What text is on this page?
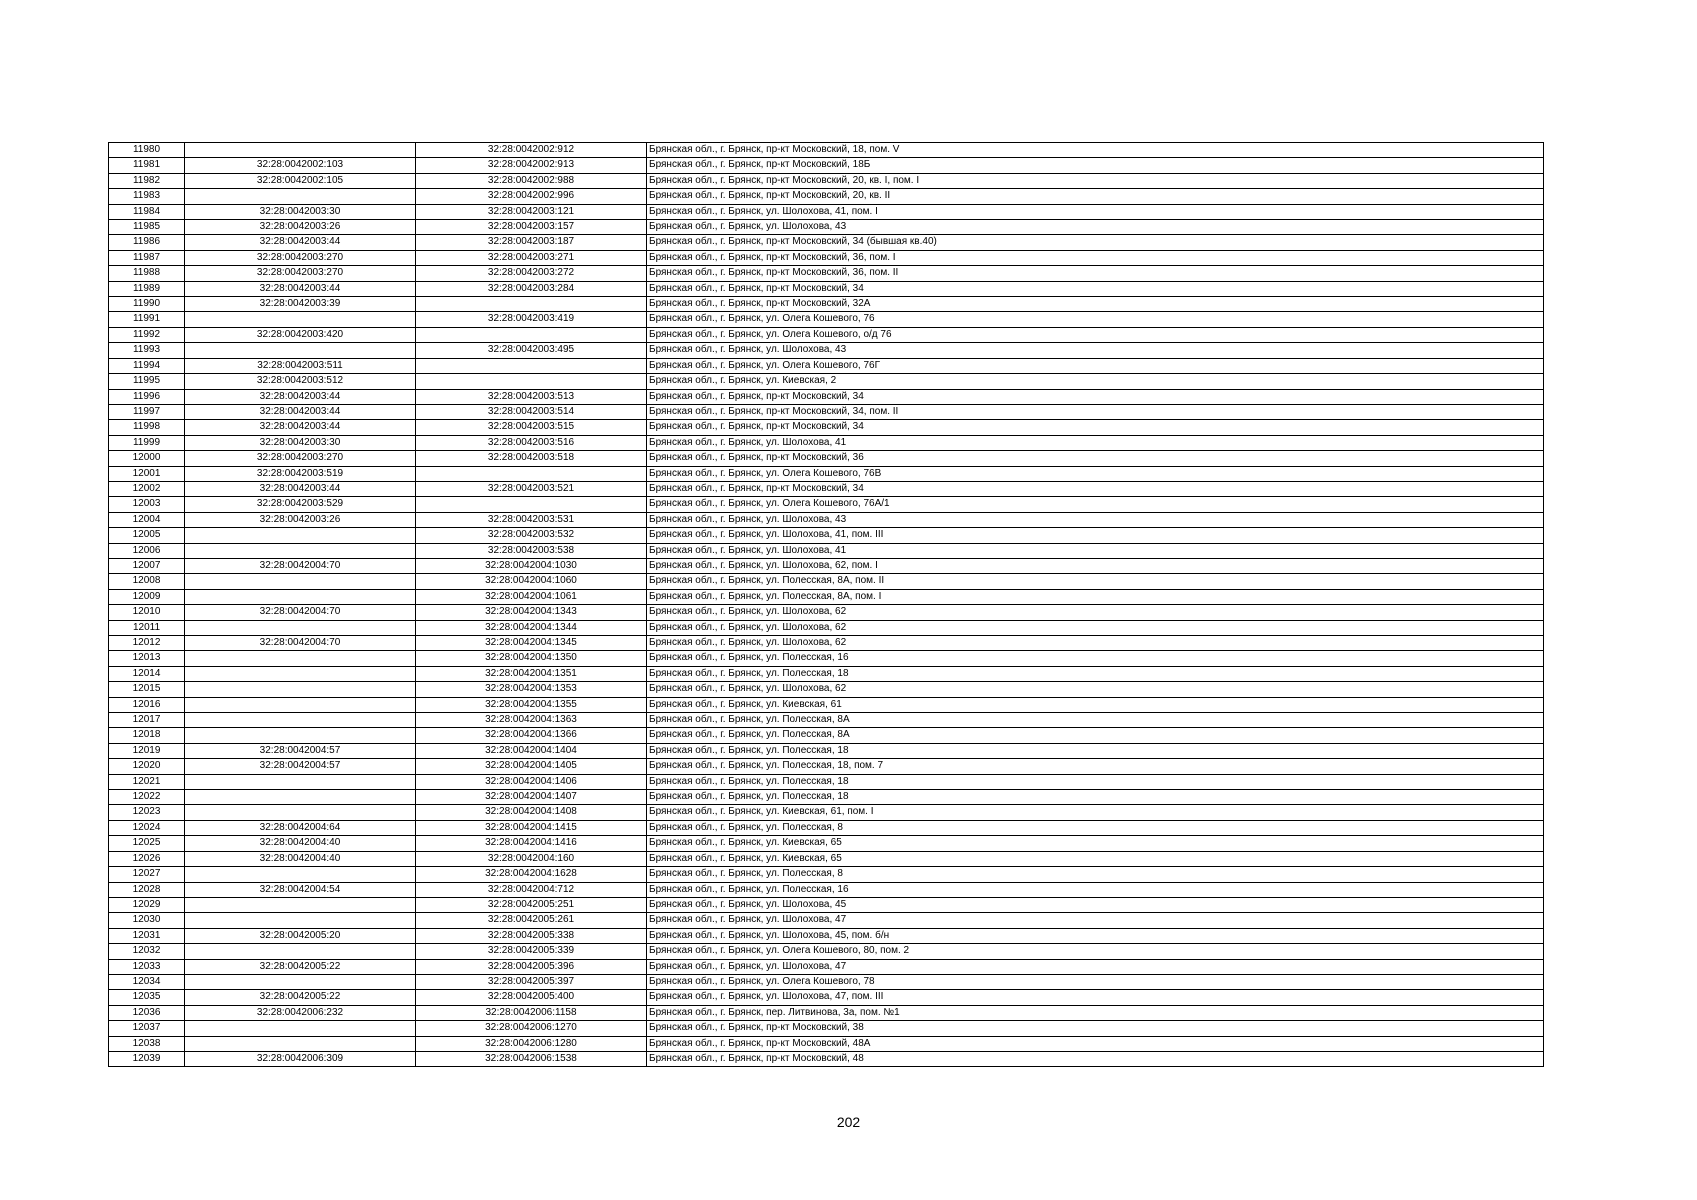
11980		32:28:0042002:912	Брянская обл., г. Брянск, пр-кт Московский, 18, пом. V
11981	32:28:0042002:103	32:28:0042002:913	Брянская обл., г. Брянск, пр-кт Московский, 18Б
11982	32:28:0042002:105	32:28:0042002:988	Брянская обл., г. Брянск, пр-кт Московский, 20, кв. I, пом. I
11983		32:28:0042002:996	Брянская обл., г. Брянск, пр-кт Московский, 20, кв. II
11984	32:28:0042003:30	32:28:0042003:121	Брянская обл., г. Брянск, ул. Шолохова, 41, пом. I
11985	32:28:0042003:26	32:28:0042003:157	Брянская обл., г. Брянск, ул. Шолохова, 43
11986	32:28:0042003:44	32:28:0042003:187	Брянская обл., г. Брянск, пр-кт Московский, 34 (бывшая кв.40)
11987	32:28:0042003:270	32:28:0042003:271	Брянская обл., г. Брянск, пр-кт Московский, 36, пом. I
11988	32:28:0042003:270	32:28:0042003:272	Брянская обл., г. Брянск, пр-кт Московский, 36, пом. II
11989	32:28:0042003:44	32:28:0042003:284	Брянская обл., г. Брянск, пр-кт Московский, 34
11990	32:28:0042003:39		Брянская обл., г. Брянск, пр-кт Московский, 32А
11991		32:28:0042003:419	Брянская обл., г. Брянск, ул. Олега Кошевого, 76
11992	32:28:0042003:420		Брянская обл., г. Брянск, ул. Олега Кошевого, о/д 76
11993		32:28:0042003:495	Брянская обл., г. Брянск, ул. Шолохова, 43
11994	32:28:0042003:511		Брянская обл., г. Брянск, ул. Олега Кошевого, 76Г
11995	32:28:0042003:512		Брянская обл., г. Брянск, ул. Киевская, 2
11996	32:28:0042003:44	32:28:0042003:513	Брянская обл., г. Брянск, пр-кт Московский, 34
11997	32:28:0042003:44	32:28:0042003:514	Брянская обл., г. Брянск, пр-кт Московский, 34, пом. II
11998	32:28:0042003:44	32:28:0042003:515	Брянская обл., г. Брянск, пр-кт Московский, 34
11999	32:28:0042003:30	32:28:0042003:516	Брянская обл., г. Брянск, ул. Шолохова, 41
12000	32:28:0042003:270	32:28:0042003:518	Брянская обл., г. Брянск, пр-кт Московский, 36
12001	32:28:0042003:519		Брянская обл., г. Брянск, ул. Олега Кошевого, 76В
12002	32:28:0042003:44	32:28:0042003:521	Брянская обл., г. Брянск, пр-кт Московский, 34
12003	32:28:0042003:529		Брянская обл., г. Брянск, ул. Олега Кошевого, 76А/1
12004	32:28:0042003:26	32:28:0042003:531	Брянская обл., г. Брянск, ул. Шолохова, 43
12005		32:28:0042003:532	Брянская обл., г. Брянск, ул. Шолохова, 41, пом. III
12006		32:28:0042003:538	Брянская обл., г. Брянск, ул. Шолохова, 41
12007	32:28:0042004:70	32:28:0042004:1030	Брянская обл., г. Брянск, ул. Шолохова, 62, пом. I
12008		32:28:0042004:1060	Брянская обл., г. Брянск, ул. Полесская, 8А, пом. II
12009		32:28:0042004:1061	Брянская обл., г. Брянск, ул. Полесская, 8А, пом. I
12010	32:28:0042004:70	32:28:0042004:1343	Брянская обл., г. Брянск, ул. Шолохова, 62
12011		32:28:0042004:1344	Брянская обл., г. Брянск, ул. Шолохова, 62
12012	32:28:0042004:70	32:28:0042004:1345	Брянская обл., г. Брянск, ул. Шолохова, 62
12013		32:28:0042004:1350	Брянская обл., г. Брянск, ул. Полесская, 16
12014		32:28:0042004:1351	Брянская обл., г. Брянск, ул. Полесская, 18
12015		32:28:0042004:1353	Брянская обл., г. Брянск, ул. Шолохова, 62
12016		32:28:0042004:1355	Брянская обл., г. Брянск, ул. Киевская, 61
12017		32:28:0042004:1363	Брянская обл., г. Брянск, ул. Полесская, 8А
12018		32:28:0042004:1366	Брянская обл., г. Брянск, ул. Полесская, 8А
12019	32:28:0042004:57	32:28:0042004:1404	Брянская обл., г. Брянск, ул. Полесская, 18
12020	32:28:0042004:57	32:28:0042004:1405	Брянская обл., г. Брянск, ул. Полесская, 18, пом. 7
12021		32:28:0042004:1406	Брянская обл., г. Брянск, ул. Полесская, 18
12022		32:28:0042004:1407	Брянская обл., г. Брянск, ул. Полесская, 18
12023		32:28:0042004:1408	Брянская обл., г. Брянск, ул. Киевская, 61, пом. I
12024	32:28:0042004:64	32:28:0042004:1415	Брянская обл., г. Брянск, ул. Полесская, 8
12025	32:28:0042004:40	32:28:0042004:1416	Брянская обл., г. Брянск, ул. Киевская, 65
12026	32:28:0042004:40	32:28:0042004:160	Брянская обл., г. Брянск, ул. Киевская, 65
12027		32:28:0042004:1628	Брянская обл., г. Брянск, ул. Полесская, 8
12028	32:28:0042004:54	32:28:0042004:712	Брянская обл., г. Брянск, ул. Полесская, 16
12029		32:28:0042005:251	Брянская обл., г. Брянск, ул. Шолохова, 45
12030		32:28:0042005:261	Брянская обл., г. Брянск, ул. Шолохова, 47
12031	32:28:0042005:20	32:28:0042005:338	Брянская обл., г. Брянск, ул. Шолохова, 45, пом. б/н
12032		32:28:0042005:339	Брянская обл., г. Брянск, ул. Олега Кошевого, 80, пом. 2
12033	32:28:0042005:22	32:28:0042005:396	Брянская обл., г. Брянск, ул. Шолохова, 47
12034		32:28:0042005:397	Брянская обл., г. Брянск, ул. Олега Кошевого, 78
12035	32:28:0042005:22	32:28:0042005:400	Брянская обл., г. Брянск, ул. Шолохова, 47, пом. III
12036	32:28:0042006:232	32:28:0042006:1158	Брянская обл., г. Брянск, пер. Литвинова, 3а, пом. №1
12037		32:28:0042006:1270	Брянская обл., г. Брянск, пр-кт Московский, 38
12038		32:28:0042006:1280	Брянская обл., г. Брянск, пр-кт Московский, 48А
12039	32:28:0042006:309	32:28:0042006:1538	Брянская обл., г. Брянск, пр-кт Московский, 48
202
